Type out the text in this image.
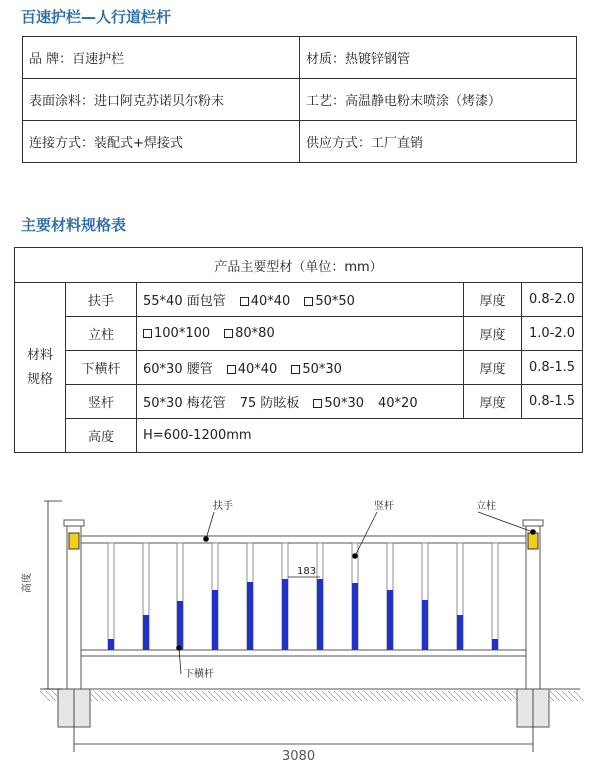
百速护栏—人行道栏杆
品 牌：百速护栏	材质：热镀锌钢管
表面涂料：进口阿克苏诺贝尔粉末	工艺：高温静电粉末喷涂（烤漆）
连接方式：装配式+焊接式	供应方式：工厂直销
主要材料规格表
产品主要型材（单位：mm）				
材料
规格	扶手	55*40 面包管 40*40 50*50	厚度	0.8-2.0
	立柱	100*100 80*80	厚度	1.0-2.0
	下横杆	60*30 腰管 40*40 50*30	厚度	0.8-1.5
	竖杆	50*30 梅花管 75 防眩板 50*30 40*20	厚度	0.8-1.5
	高度	H=600-1200mm		
扶手	竖杆	立柱
183
下横杆
3080
高度
